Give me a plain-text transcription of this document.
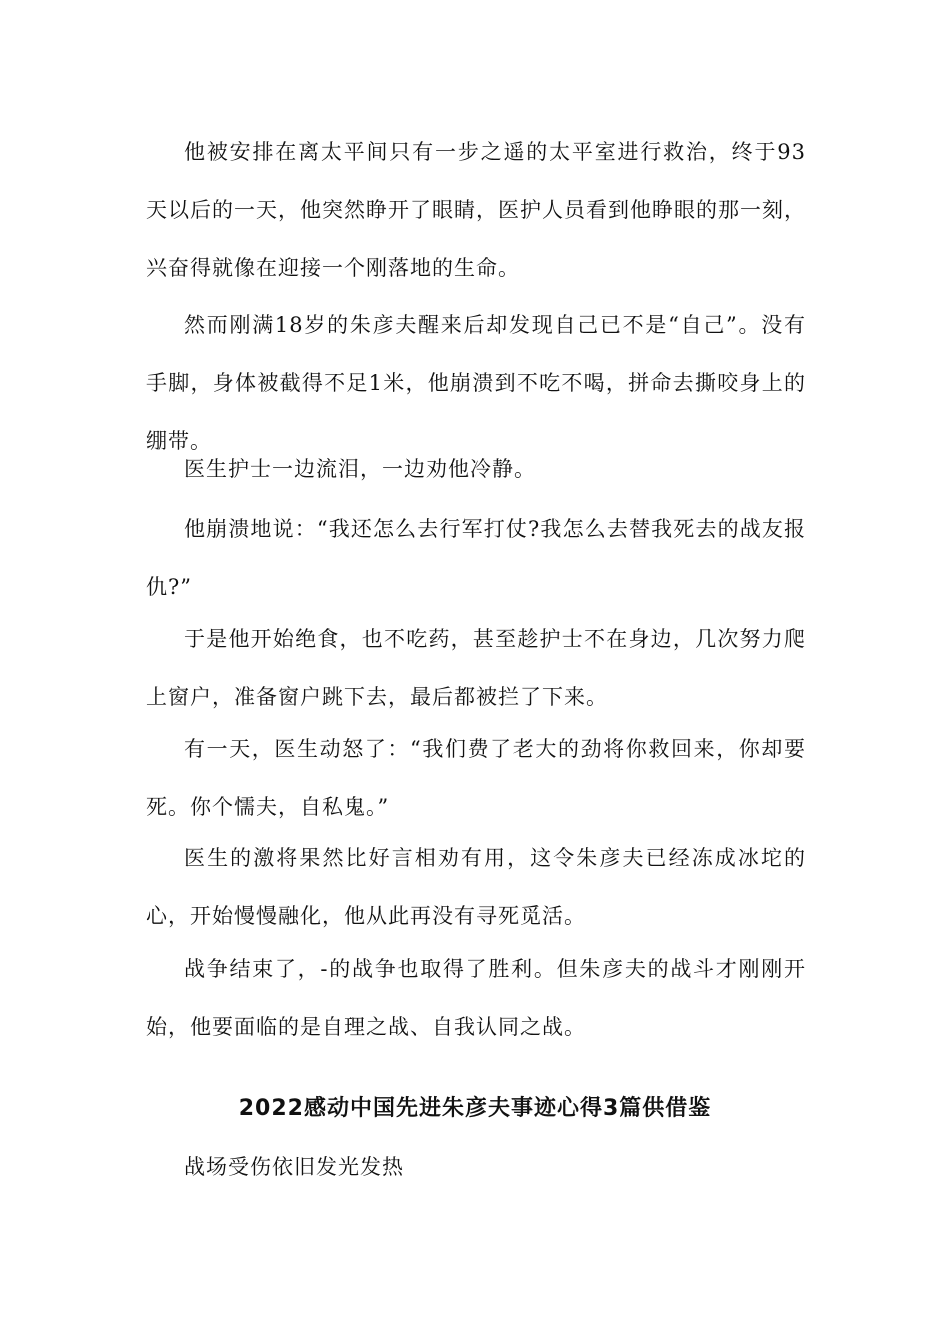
他被安排在离太平间只有一步之遥的太平室进行救治，终于93天以后的一天，他突然睁开了眼睛，医护人员看到他睁眼的那一刻，兴奋得就像在迎接一个刚落地的生命。

然而刚满18岁的朱彦夫醒来后却发现自己已不是“自己”。没有手脚，身体被截得不足1米，他崩溃到不吃不喝，拼命去撕咬身上的绷带。

医生护士一边流泪，一边劝他冷静。

他崩溃地说：“我还怎么去行军打仗?我怎么去替我死去的战友报仇?”

于是他开始绝食，也不吃药，甚至趁护士不在身边，几次努力爬上窗户，准备窗户跳下去，最后都被拦了下来。

有一天，医生动怒了：“我们费了老大的劲将你救回来，你却要死。你个懦夫，自私鬼。”

医生的激将果然比好言相劝有用，这令朱彦夫已经冻成冰坨的心，开始慢慢融化，他从此再没有寻死觅活。

战争结束了，-的战争也取得了胜利。但朱彦夫的战斗才刚刚开始，他要面临的是自理之战、自我认同之战。

2022感动中国先进朱彦夫事迹心得3篇供借鉴

战场受伤依旧发光发热
